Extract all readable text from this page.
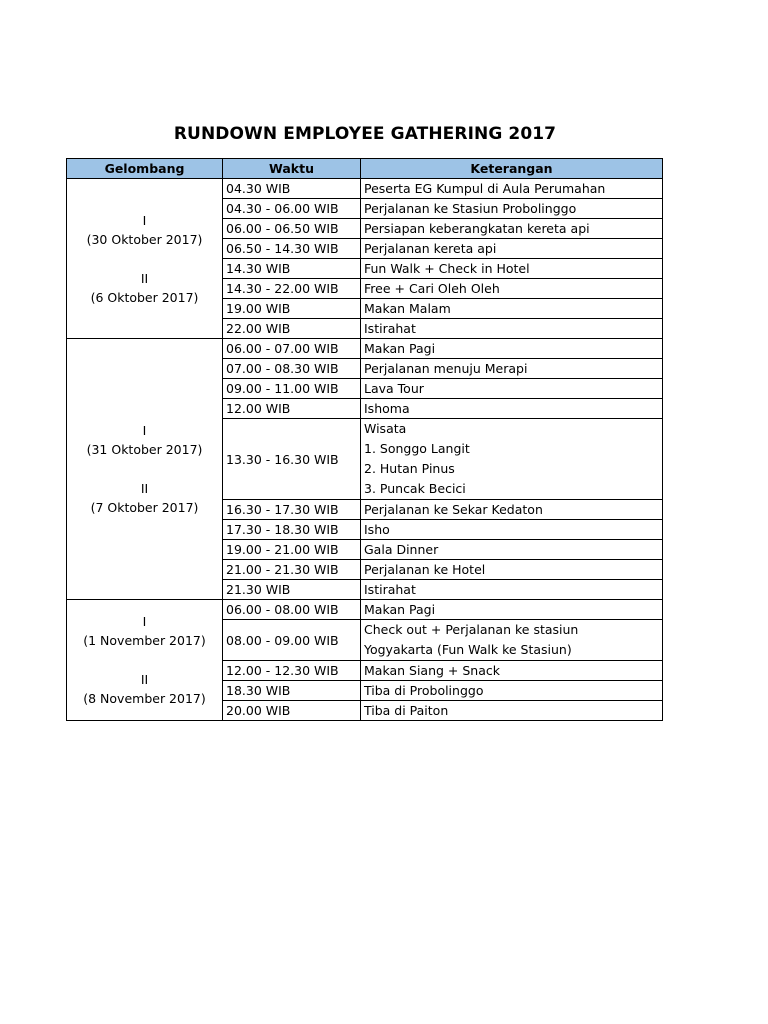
RUNDOWN EMPLOYEE GATHERING 2017
Gelombang	Waktu	Keterangan

I
(30 Oktober 2017)
II
(6 Oktober 2017)	04.30 WIB	Peserta EG Kumpul di Aula Perumahan
	04.30 - 06.00 WIB	Perjalanan ke Stasiun Probolinggo
	06.00 - 06.50 WIB	Persiapan keberangkatan kereta api
	06.50 - 14.30 WIB	Perjalanan kereta api
	14.30 WIB	Fun Walk + Check in Hotel
	14.30 - 22.00 WIB	Free + Cari Oleh Oleh
	19.00 WIB	Makan Malam
	22.00 WIB	Istirahat

I
(31 Oktober 2017)
II
(7 Oktober 2017)	06.00 - 07.00 WIB	Makan Pagi
	07.00 - 08.30 WIB	Perjalanan menuju Merapi
	09.00 - 11.00 WIB	Lava Tour
	12.00 WIB	Ishoma
	13.30 - 16.30 WIB	Wisata
1. Songgo Langit
2. Hutan Pinus
3. Puncak Becici

	16.30 - 17.30 WIB	Perjalanan ke Sekar Kedaton
	17.30 - 18.30 WIB	Isho
	19.00 - 21.00 WIB	Gala Dinner
	21.00 - 21.30 WIB	Perjalanan ke Hotel
	21.30 WIB	Istirahat

I
(1 November 2017)
II
(8 November 2017)	06.00 - 08.00 WIB	Makan Pagi
	08.00 - 09.00 WIB	Check out + Perjalanan ke stasiun
Yogyakarta (Fun Walk ke Stasiun)

	12.00 - 12.30 WIB	Makan Siang + Snack
	18.30 WIB	Tiba di Probolinggo
	20.00 WIB	Tiba di Paiton
